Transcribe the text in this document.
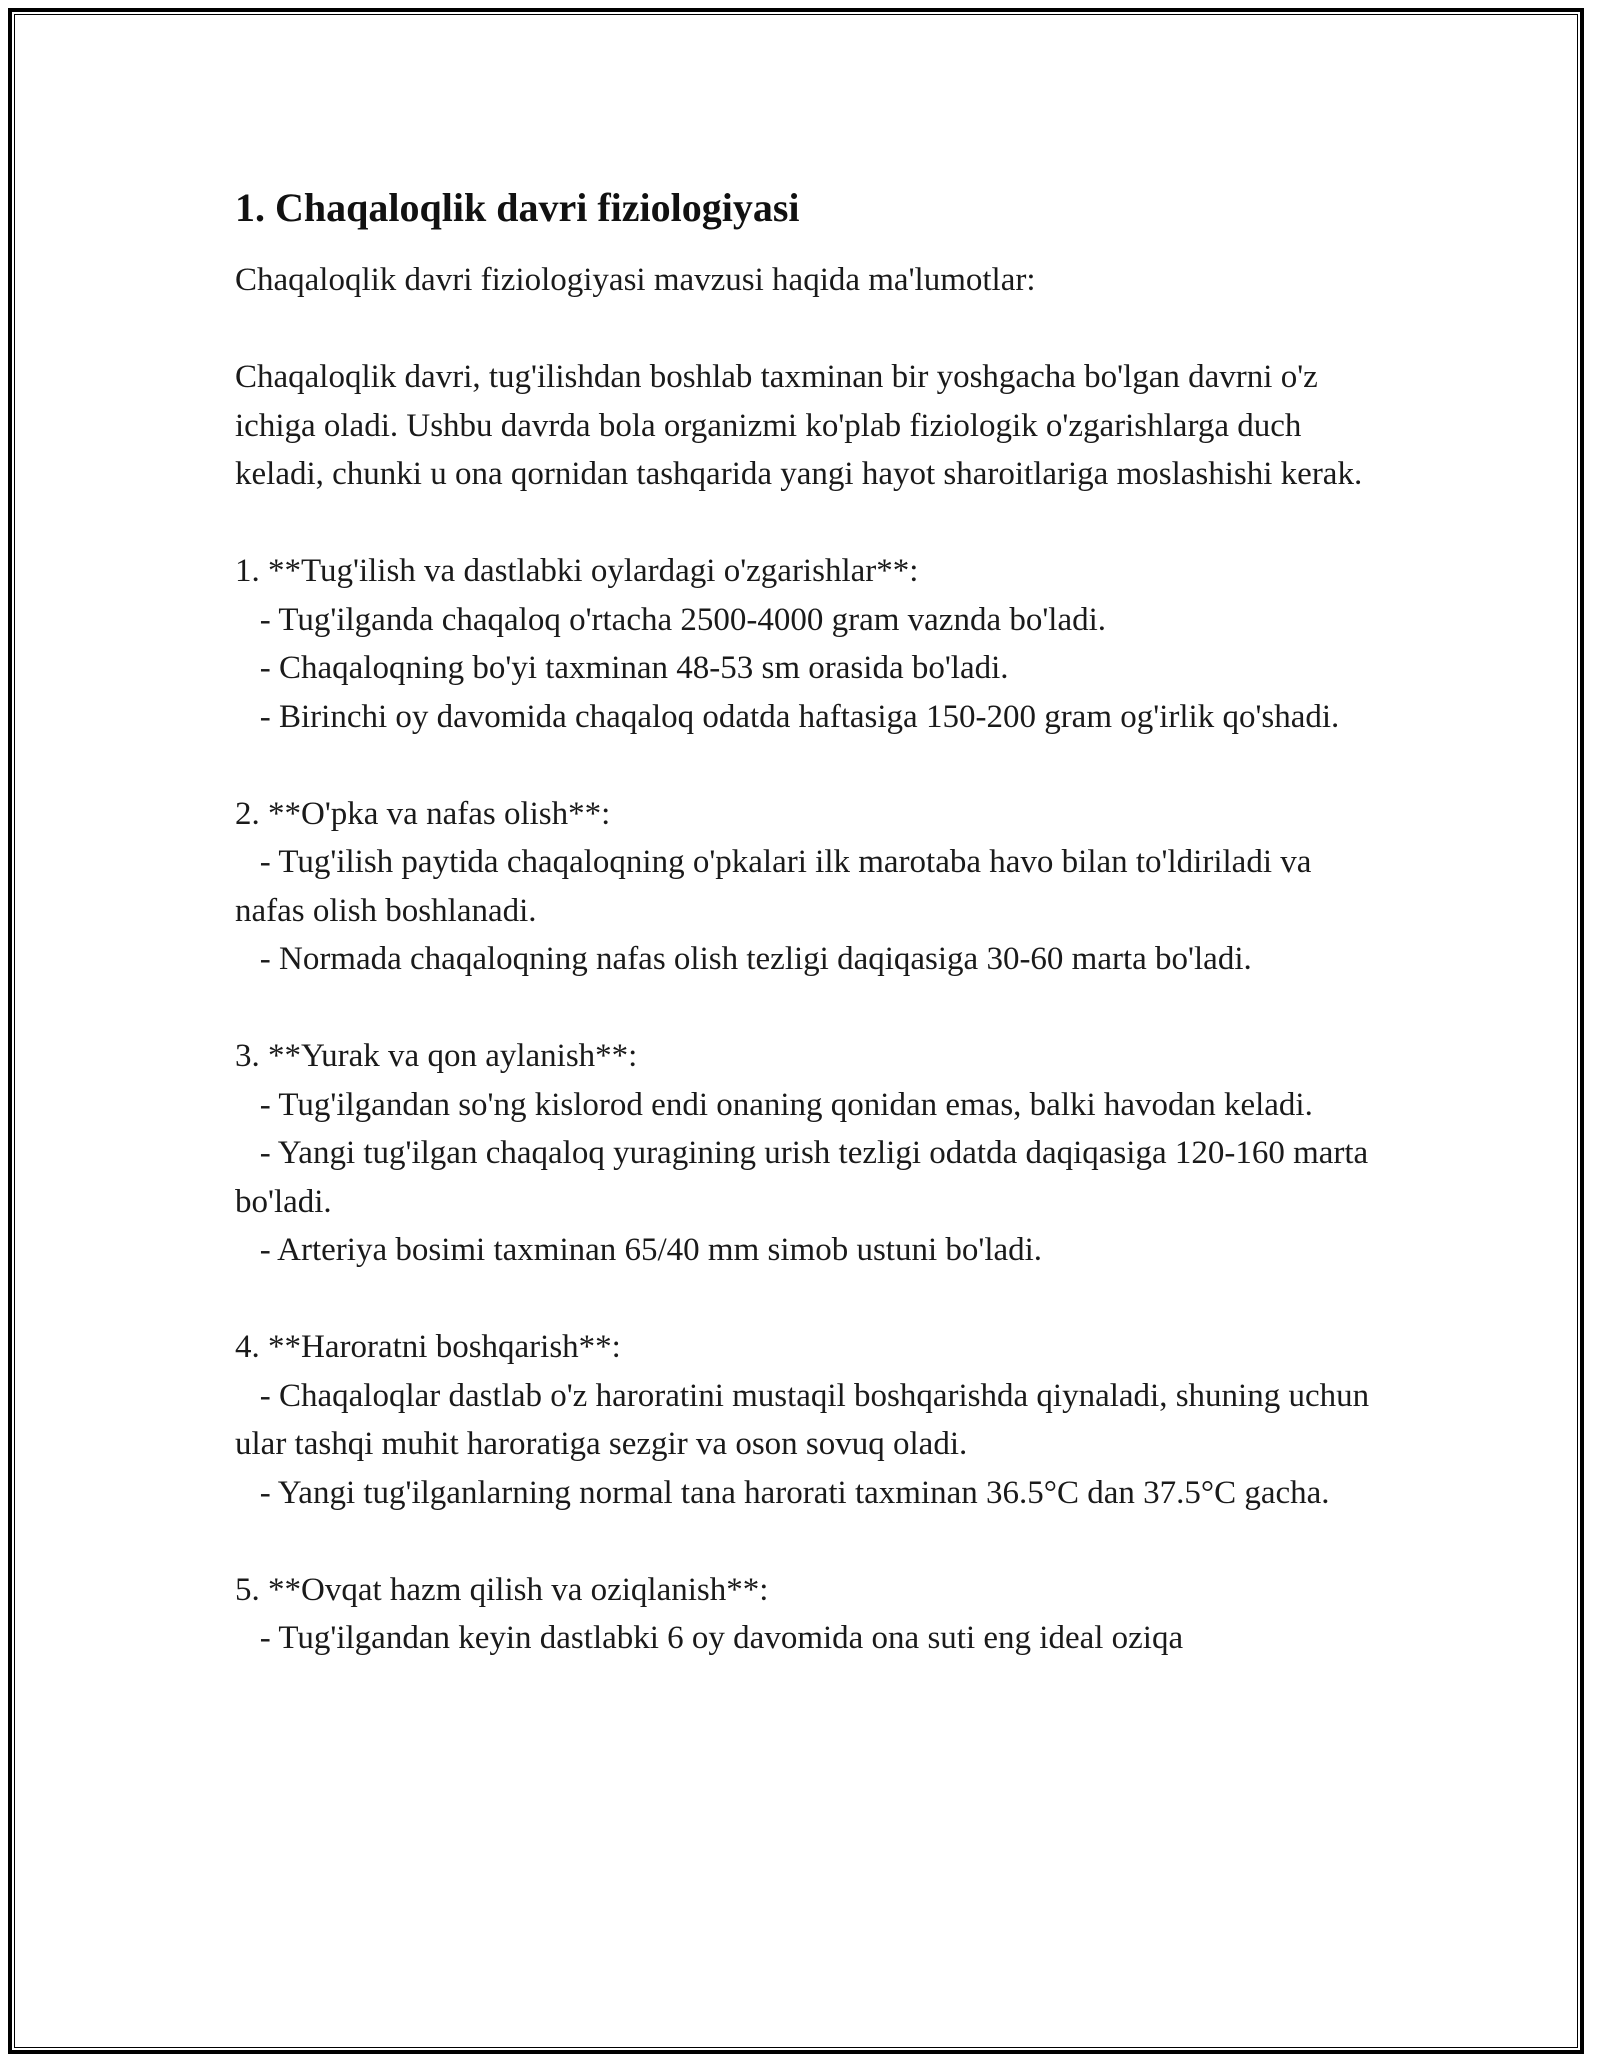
1. Chaqaloqlik davri fiziologiyasi

Chaqaloqlik davri fiziologiyasi mavzusi haqida ma'lumotlar:

Chaqaloqlik davri, tug'ilishdan boshlab taxminan bir yoshgacha bo'lgan davrni o'z ichiga oladi. Ushbu davrda bola organizmi ko'plab fiziologik o'zgarishlarga duch keladi, chunki u ona qornidan tashqarida yangi hayot sharoitlariga moslashishi kerak.

1. **Tug'ilish va dastlabki oylardagi o'zgarishlar**:
- Tug'ilganda chaqaloq o'rtacha 2500-4000 gram vaznda bo'ladi.
- Chaqaloqning bo'yi taxminan 48-53 sm orasida bo'ladi.
- Birinchi oy davomida chaqaloq odatda haftasiga 150-200 gram og'irlik qo'shadi.

2. **O'pka va nafas olish**:
- Tug'ilish paytida chaqaloqning o'pkalari ilk marotaba havo bilan to'ldiriladi va nafas olish boshlanadi.
- Normada chaqaloqning nafas olish tezligi daqiqasiga 30-60 marta bo'ladi.

3. **Yurak va qon aylanish**:
- Tug'ilgandan so'ng kislorod endi onaning qonidan emas, balki havodan keladi.
- Yangi tug'ilgan chaqaloq yuragining urish tezligi odatda daqiqasiga 120-160 marta bo'ladi.
- Arteriya bosimi taxminan 65/40 mm simob ustuni bo'ladi.

4. **Haroratni boshqarish**:
- Chaqaloqlar dastlab o'z haroratini mustaqil boshqarishda qiynaladi, shuning uchun ular tashqi muhit haroratiga sezgir va oson sovuq oladi.
- Yangi tug'ilganlarning normal tana harorati taxminan 36.5°C dan 37.5°C gacha.

5. **Ovqat hazm qilish va oziqlanish**:
- Tug'ilgandan keyin dastlabki 6 oy davomida ona suti eng ideal oziqa
